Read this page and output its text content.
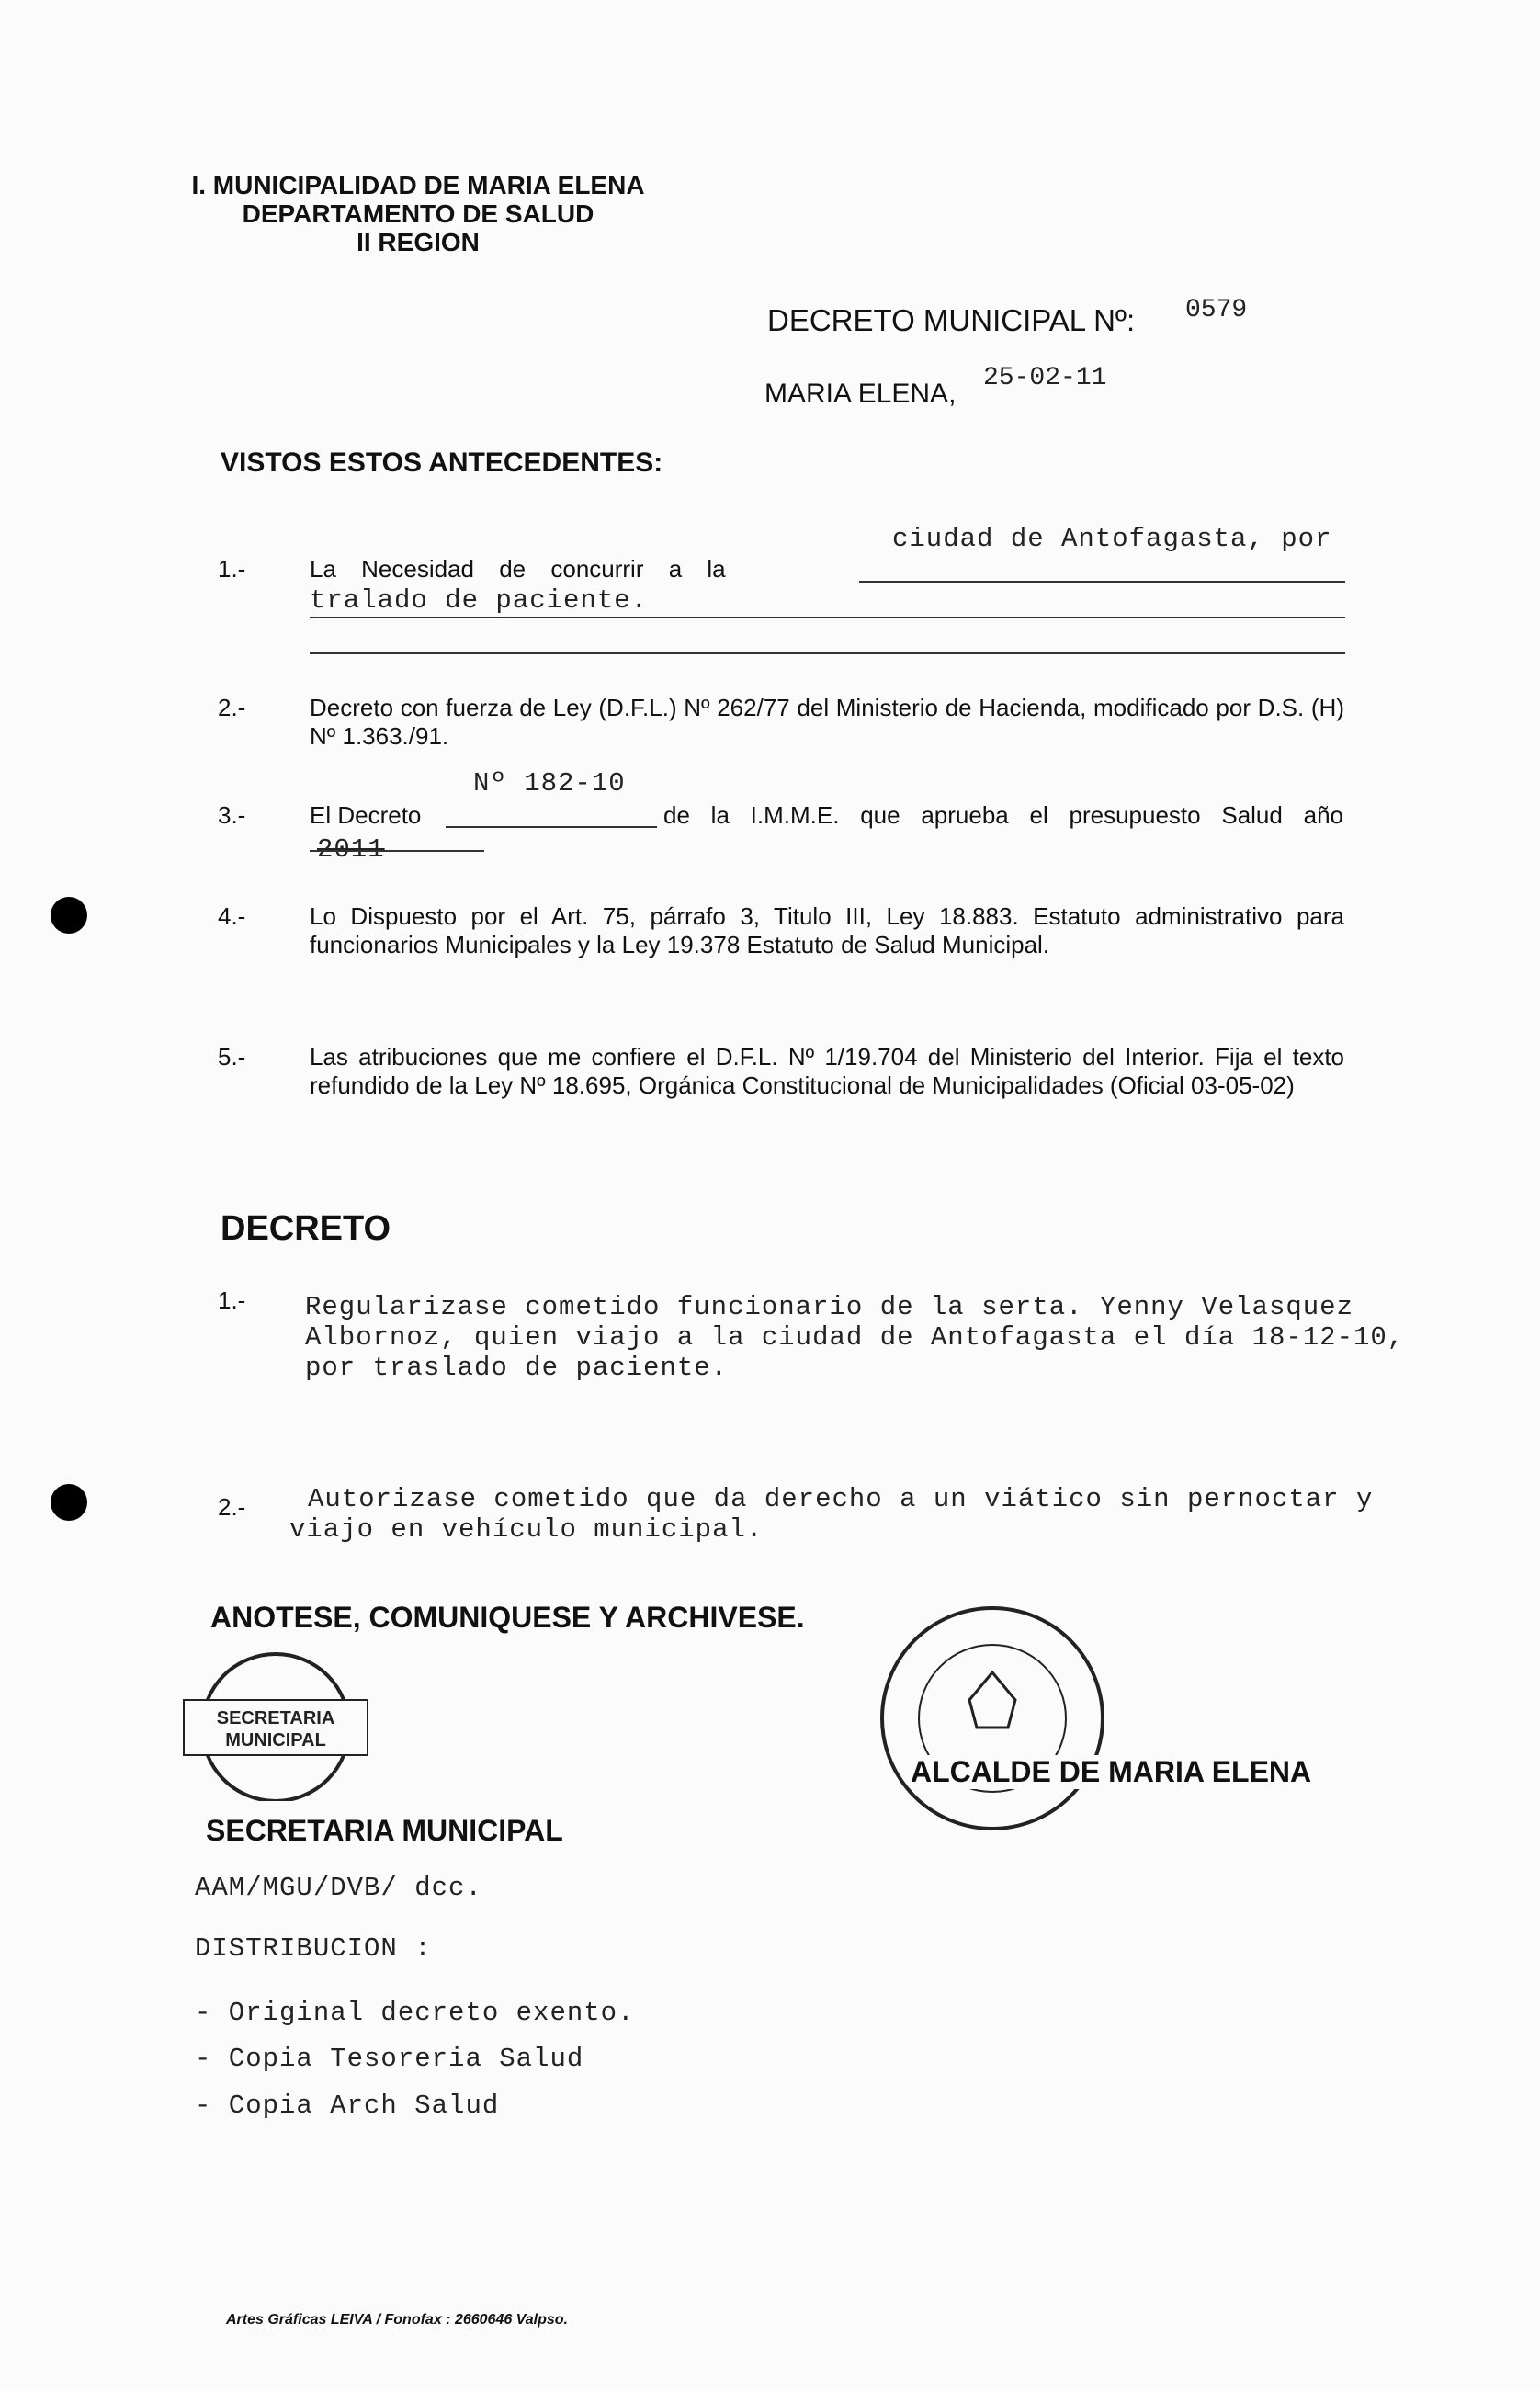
I. MUNICIPALIDAD DE MARIA ELENA
DEPARTAMENTO DE SALUD
II REGION
DECRETO MUNICIPAL Nº: 0579
MARIA ELENA,
25-02-11
VISTOS ESTOS ANTECEDENTES:
1.-	La Necesidad de concurrir a la
ciudad de Antofagasta, por
tralado de paciente.
2.-	Decreto con fuerza de Ley (D.F.L.) Nº 262/77 del Ministerio de Hacienda, modificado por D.S. (H) Nº 1.363./91.
Nº 182-10
3.-	El Decreto	de la I.M.M.E. que aprueba el presupuesto Salud año
2011
4.-	Lo Dispuesto por el Art. 75, párrafo 3, Titulo III, Ley 18.883. Estatuto administrativo para funcionarios Municipales y la Ley 19.378 Estatuto de Salud Municipal.
5.-	Las atribuciones que me confiere el D.F.L. Nº 1/19.704 del Ministerio del Interior. Fija el texto refundido de la Ley Nº 18.695, Orgánica Constitucional de Municipalidades (Oficial 03-05-02)
DECRETO
1.- Regularizase cometido funcionario de la serta. Yenny Velasquez Albornoz, quien viajo a la ciudad de Antofagasta el día 18-12-10, por traslado de paciente.
2.-	Autorizase cometido que da derecho a un viático sin pernoctar y viajo en vehículo municipal.
ANOTESE, COMUNIQUESE Y ARCHIVESE.
SECRETARIA
MUNICIPAL
SECRETARIA MUNICIPAL
ALCALDE DE MARIA ELENA
AAM/MGU/DVB/ dcc.
DISTRIBUCION :
- Original decreto exento.
- Copia Tesoreria Salud
- Copia Arch Salud
Artes Gráficas LEIVA / Fonofax : 2660646 Valpso.
